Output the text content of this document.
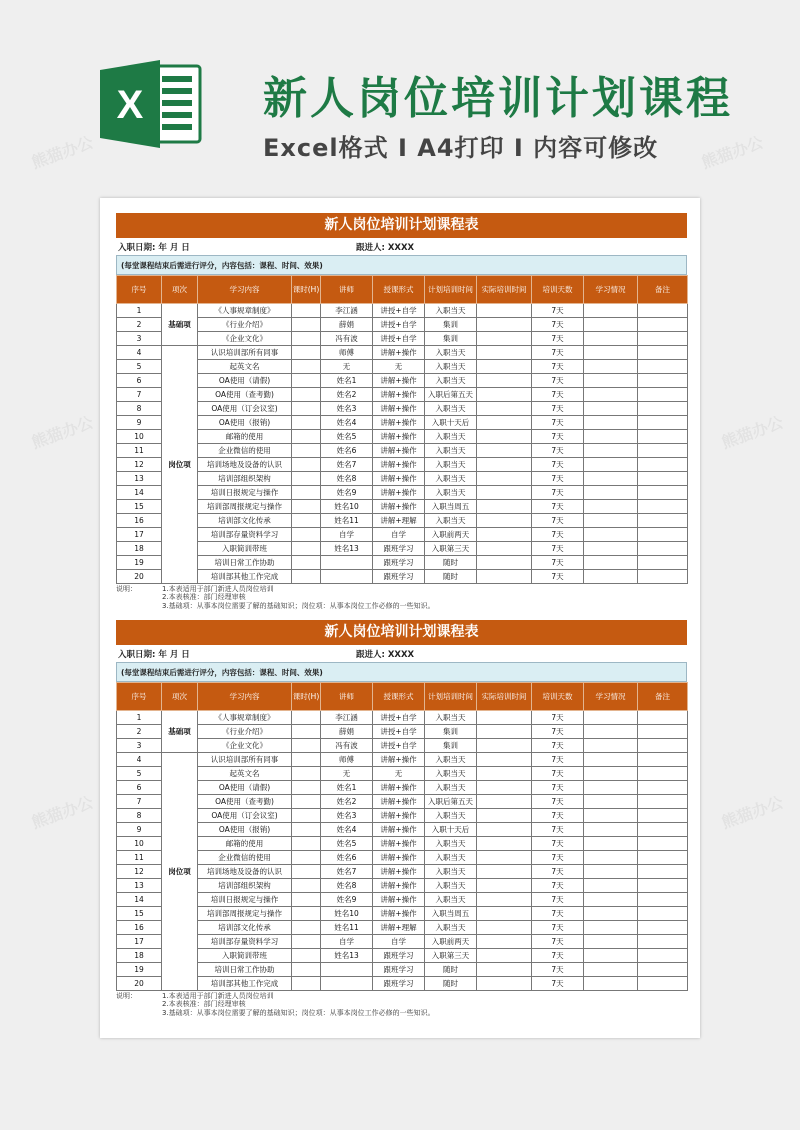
熊猫办公	熊猫办公
熊猫办公	熊猫办公
熊猫办公	熊猫办公
X	新人岗位培训计划课程
Excel格式 I A4打印 I 内容可修改
新人岗位培训计划课程表
入职日期: 年 月 日	跟进人: XXXX
(每堂课程结束后需进行评分，内容包括：课程、时间、效果)
序号	项次	学习内容	课时(H)	讲师	授课形式	计划培训时间	实际培训时间	培训天数	学习情况	备注
1	基础项	《人事规章制度》		李江涵	讲授+自学	入职当天		7天		
2		《行业介绍》		薛娟	讲授+自学	集训		7天		
3		《企业文化》		冯有波	讲授+自学	集训		7天		
4	岗位项	认识培训部所有同事		师傅	讲解+操作	入职当天		7天		
5		起英文名		无	无	入职当天		7天		
6		OA使用（请假)		姓名1	讲解+操作	入职当天		7天		
7		OA使用（查考勤)		姓名2	讲解+操作	入职后第五天		7天		
8		OA使用（订会议室)		姓名3	讲解+操作	入职当天		7天		
9		OA使用（报销)		姓名4	讲解+操作	入职十天后		7天		
10		邮箱的使用		姓名5	讲解+操作	入职当天		7天		
11		企业微信的使用		姓名6	讲解+操作	入职当天		7天		
12		培训场地及设备的认识		姓名7	讲解+操作	入职当天		7天		
13		培训部组织架构		姓名8	讲解+操作	入职当天		7天		
14		培训日报规定与操作		姓名9	讲解+操作	入职当天		7天		
15		培训部周报规定与操作		姓名10	讲解+操作	入职当周五		7天		
16		培训部文化传承		姓名11	讲解+理解	入职当天		7天		
17		培训部存量资料学习		自学	自学	入职前两天		7天		
18		入职简训带班		姓名13	跟班学习	入职第三天		7天		
19		培训日常工作协助			跟班学习	随时		7天		
20		培训部其他工作完成			跟班学习	随时		7天		
说明：	1.本表适用于部门新进人员岗位培训
2.本表核准：部门经理审核
3.基础项：从事本岗位需要了解的基础知识；岗位项：从事本岗位工作必修的一些知识。
新人岗位培训计划课程表
入职日期: 年 月 日	跟进人: XXXX
(每堂课程结束后需进行评分，内容包括：课程、时间、效果)
序号	项次	学习内容	课时(H)	讲师	授课形式	计划培训时间	实际培训时间	培训天数	学习情况	备注
1	基础项	《人事规章制度》		李江涵	讲授+自学	入职当天		7天		
2		《行业介绍》		薛娟	讲授+自学	集训		7天		
3		《企业文化》		冯有波	讲授+自学	集训		7天		
4	岗位项	认识培训部所有同事		师傅	讲解+操作	入职当天		7天		
5		起英文名		无	无	入职当天		7天		
6		OA使用（请假)		姓名1	讲解+操作	入职当天		7天		
7		OA使用（查考勤)		姓名2	讲解+操作	入职后第五天		7天		
8		OA使用（订会议室)		姓名3	讲解+操作	入职当天		7天		
9		OA使用（报销)		姓名4	讲解+操作	入职十天后		7天		
10		邮箱的使用		姓名5	讲解+操作	入职当天		7天		
11		企业微信的使用		姓名6	讲解+操作	入职当天		7天		
12		培训场地及设备的认识		姓名7	讲解+操作	入职当天		7天		
13		培训部组织架构		姓名8	讲解+操作	入职当天		7天		
14		培训日报规定与操作		姓名9	讲解+操作	入职当天		7天		
15		培训部周报规定与操作		姓名10	讲解+操作	入职当周五		7天		
16		培训部文化传承		姓名11	讲解+理解	入职当天		7天		
17		培训部存量资料学习		自学	自学	入职前两天		7天		
18		入职简训带班		姓名13	跟班学习	入职第三天		7天		
19		培训日常工作协助			跟班学习	随时		7天		
20		培训部其他工作完成			跟班学习	随时		7天		
说明：	1.本表适用于部门新进人员岗位培训
2.本表核准：部门经理审核
3.基础项：从事本岗位需要了解的基础知识；岗位项：从事本岗位工作必修的一些知识。
